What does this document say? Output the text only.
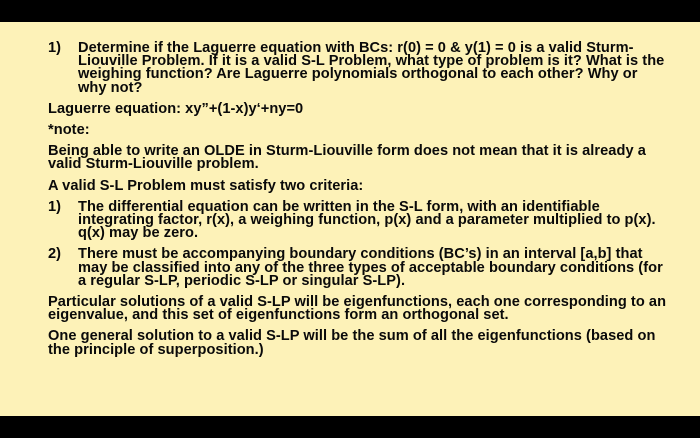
1)	Determine if the Laguerre equation with BCs: r(0) = 0 & y(1) = 0 is a valid Sturm-Liouville Problem. If it is a valid S-L Problem, what type of problem is it? What is the weighing function? Are Laguerre polynomials orthogonal to each other? Why or why not?
Laguerre equation: xy”+(1-x)y‘+ny=0
*note:
Being able to write an OLDE in Sturm-Liouville form does not mean that it is already a valid Sturm-Liouville problem.
A valid S-L Problem must satisfy two criteria:
1)	The differential equation can be written in the S-L form, with an identifiable integrating factor, r(x), a weighing function, p(x) and a parameter multiplied to p(x). q(x) may be zero.
2)	There must be accompanying boundary conditions (BC’s) in an interval [a,b] that may be classified into any of the three types of acceptable boundary conditions (for a regular S-LP, periodic S-LP or singular S-LP).
Particular solutions of a valid S-LP will be eigenfunctions, each one corresponding to an eigenvalue, and this set of eigenfunctions form an orthogonal set.
One general solution to a valid S-LP will be the sum of all the eigenfunctions (based on the principle of superposition.)
